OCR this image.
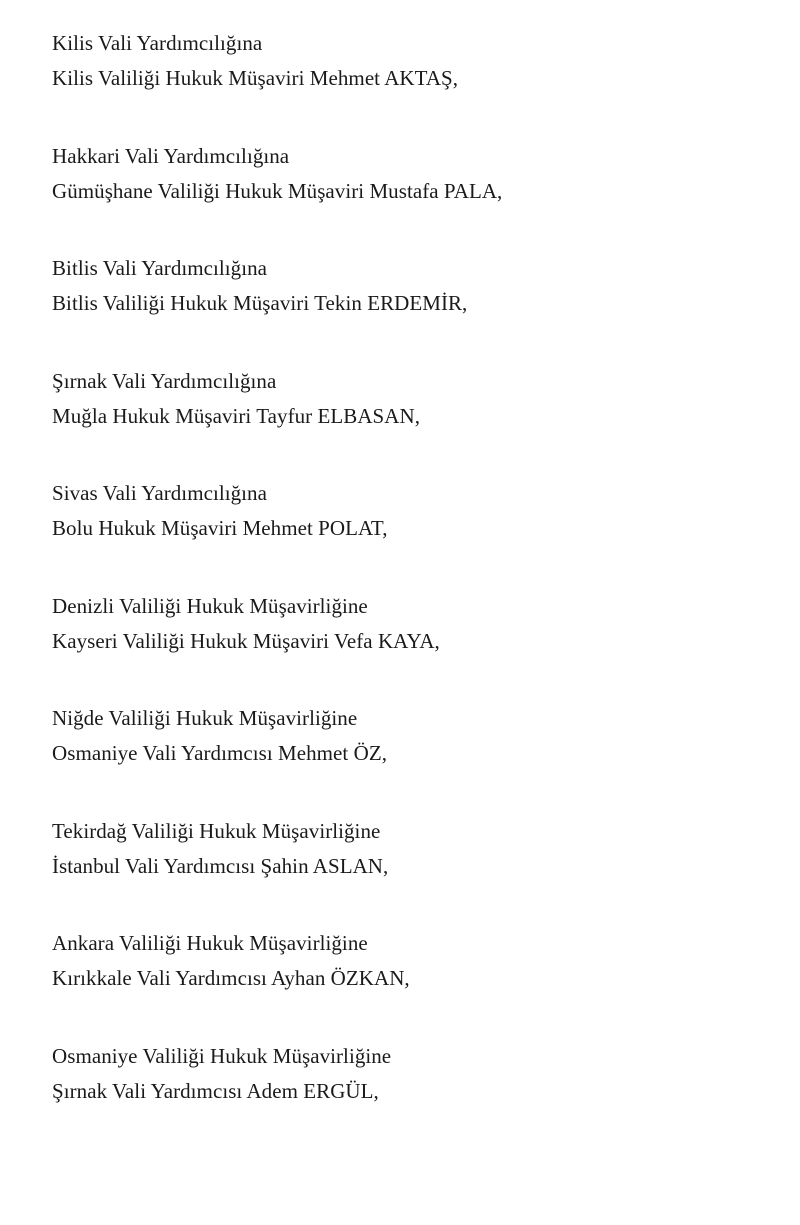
Kilis Vali Yardımcılığına
Kilis Valiliği Hukuk Müşaviri Mehmet AKTAŞ,
Hakkari Vali Yardımcılığına
Gümüşhane Valiliği Hukuk Müşaviri Mustafa PALA,
Bitlis Vali Yardımcılığına
Bitlis Valiliği Hukuk Müşaviri Tekin ERDEMİR,
Şırnak Vali Yardımcılığına
Muğla Hukuk Müşaviri Tayfur ELBASAN,
Sivas Vali Yardımcılığına
Bolu Hukuk Müşaviri Mehmet POLAT,
Denizli Valiliği Hukuk Müşavirliğine
Kayseri Valiliği Hukuk Müşaviri Vefa KAYA,
Niğde Valiliği Hukuk Müşavirliğine
Osmaniye Vali Yardımcısı Mehmet ÖZ,
Tekirdağ Valiliği Hukuk Müşavirliğine
İstanbul Vali Yardımcısı Şahin ASLAN,
Ankara Valiliği Hukuk Müşavirliğine
Kırıkkale Vali Yardımcısı Ayhan ÖZKAN,
Osmaniye Valiliği Hukuk Müşavirliğine
Şırnak Vali Yardımcısı Adem ERGÜL,
